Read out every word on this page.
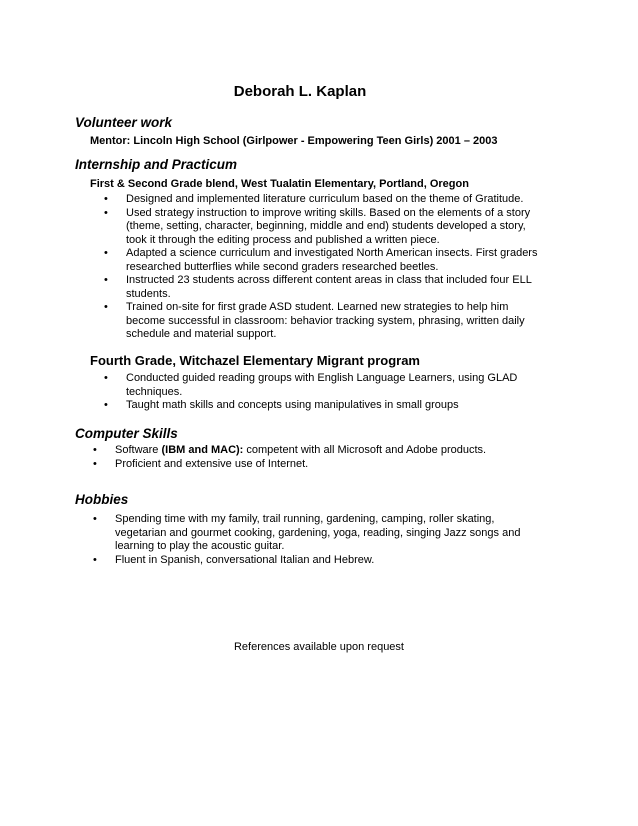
Deborah L. Kaplan
Volunteer work
Mentor: Lincoln High School (Girlpower - Empowering Teen Girls) 2001 – 2003
Internship and Practicum
First & Second Grade blend, West Tualatin Elementary, Portland, Oregon
• Designed and implemented literature curriculum based on the theme of Gratitude.
• Used strategy instruction to improve writing skills. Based on the elements of a story
(theme, setting, character, beginning, middle and end) students developed a story,
took it through the editing process and published a written piece.
• Adapted a science curriculum and investigated North American insects. First graders
researched butterflies while second graders researched beetles.
• Instructed 23 students across different content areas in class that included four ELL
students.
• Trained on-site for first grade ASD student. Learned new strategies to help him
become successful in classroom: behavior tracking system, phrasing, written daily
schedule and material support.
Fourth Grade, Witchazel Elementary Migrant program
• Conducted guided reading groups with English Language Learners, using GLAD
techniques.
• Taught math skills and concepts using manipulatives in small groups
Computer Skills
• Software (IBM and MAC): competent with all Microsoft and Adobe products.
• Proficient and extensive use of Internet.
Hobbies
• Spending time with my family, trail running, gardening, camping, roller skating,
vegetarian and gourmet cooking, gardening, yoga, reading, singing Jazz songs and
learning to play the acoustic guitar.
• Fluent in Spanish, conversational Italian and Hebrew.
References available upon request
